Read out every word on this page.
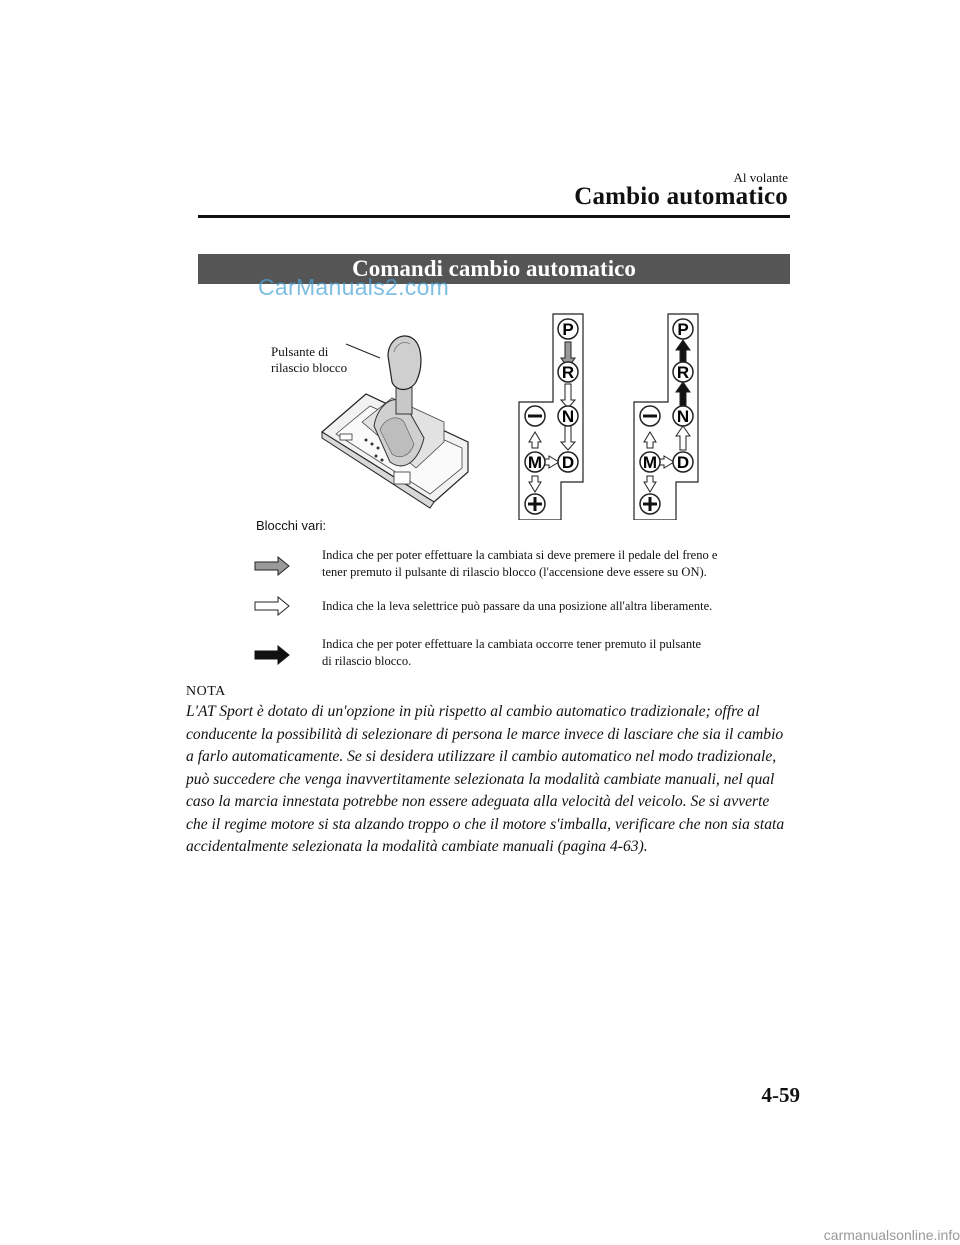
Al volante
Cambio automatico
Comandi cambio automatico
CarManuals2.com
Pulsante di
rilascio blocco
P
R
N
D
M
P
R
N
D
M
Blocchi vari:
Indica che per poter effettuare la cambiata si deve premere il pedale del freno e
tener premuto il pulsante di rilascio blocco (l'accensione deve essere su ON).
Indica che la leva selettrice può passare da una posizione all'altra liberamente.
Indica che per poter effettuare la cambiata occorre tener premuto il pulsante
di rilascio blocco.
NOTA
L'AT Sport è dotato di un'opzione in più rispetto al cambio automatico tradizionale; offre al conducente la possibilità di selezionare di persona le marce invece di lasciare che sia il cambio a farlo automaticamente. Se si desidera utilizzare il cambio automatico nel modo tradizionale, può succedere che venga inavvertitamente selezionata la modalità cambiate manuali, nel qual caso la marcia innestata potrebbe non essere adeguata alla velocità del veicolo. Se si avverte che il regime motore si sta alzando troppo o che il motore s'imballa, verificare che non sia stata accidentalmente selezionata la modalità cambiate manuali (pagina 4-63).
4-59
carmanualsonline.info
